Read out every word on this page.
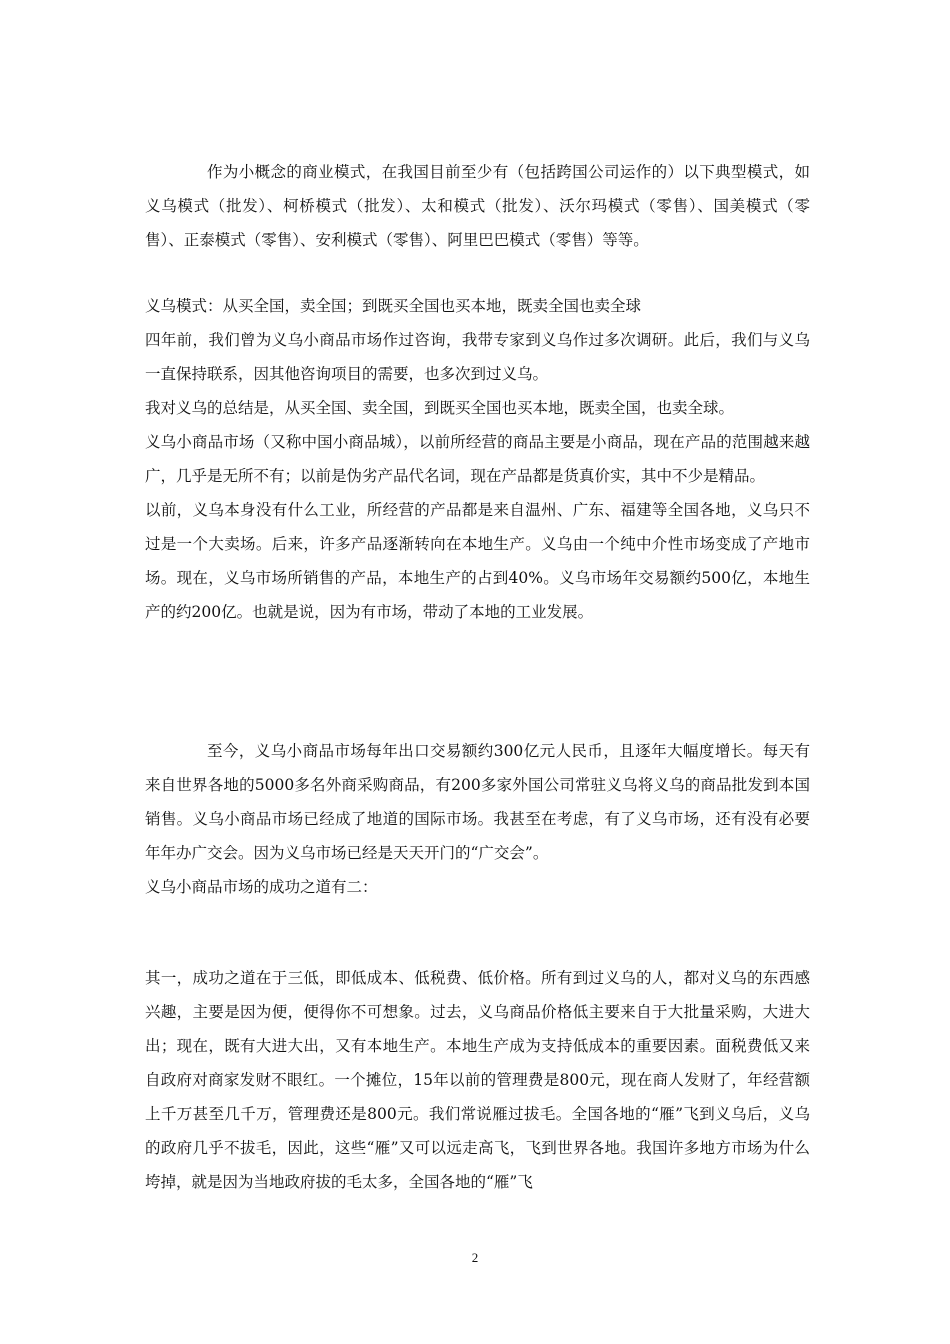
作为小概念的商业模式，在我国目前至少有（包括跨国公司运作的）以下典型模式，如义乌模式（批发）、柯桥模式（批发）、太和模式（批发）、沃尔玛模式（零售）、国美模式（零售）、正泰模式（零售）、安利模式（零售）、阿里巴巴模式（零售）等等。

义乌模式：从买全国，卖全国；到既买全国也买本地，既卖全国也卖全球

四年前，我们曾为义乌小商品市场作过咨询，我带专家到义乌作过多次调研。此后，我们与义乌一直保持联系，因其他咨询项目的需要，也多次到过义乌。

我对义乌的总结是，从买全国、卖全国，到既买全国也买本地，既卖全国，也卖全球。

义乌小商品市场（又称中国小商品城），以前所经营的商品主要是小商品，现在产品的范围越来越广，几乎是无所不有；以前是伪劣产品代名词，现在产品都是货真价实，其中不少是精品。

以前，义乌本身没有什么工业，所经营的产品都是来自温州、广东、福建等全国各地，义乌只不过是一个大卖场。后来，许多产品逐渐转向在本地生产。义乌由一个纯中介性市场变成了产地市场。现在，义乌市场所销售的产品，本地生产的占到40%。义乌市场年交易额约500亿，本地生产的约200亿。也就是说，因为有市场，带动了本地的工业发展。

至今，义乌小商品市场每年出口交易额约300亿元人民币，且逐年大幅度增长。每天有来自世界各地的5000多名外商采购商品，有200多家外国公司常驻义乌将义乌的商品批发到本国销售。义乌小商品市场已经成了地道的国际市场。我甚至在考虑，有了义乌市场，还有没有必要年年办广交会。因为义乌市场已经是天天开门的“广交会”。

义乌小商品市场的成功之道有二：

其一，成功之道在于三低，即低成本、低税费、低价格。所有到过义乌的人，都对义乌的东西感兴趣，主要是因为便，便得你不可想象。过去，义乌商品价格低主要来自于大批量采购，大进大出；现在，既有大进大出，又有本地生产。本地生产成为支持低成本的重要因素。面税费低又来自政府对商家发财不眼红。一个摊位，15年以前的管理费是800元，现在商人发财了，年经营额上千万甚至几千万，管理费还是800元。我们常说雁过拔毛。全国各地的“雁”飞到义乌后，义乌的政府几乎不拔毛，因此，这些“雁”又可以远走高飞，飞到世界各地。我国许多地方市场为什么垮掉，就是因为当地政府拔的毛太多，全国各地的“雁”飞

2
